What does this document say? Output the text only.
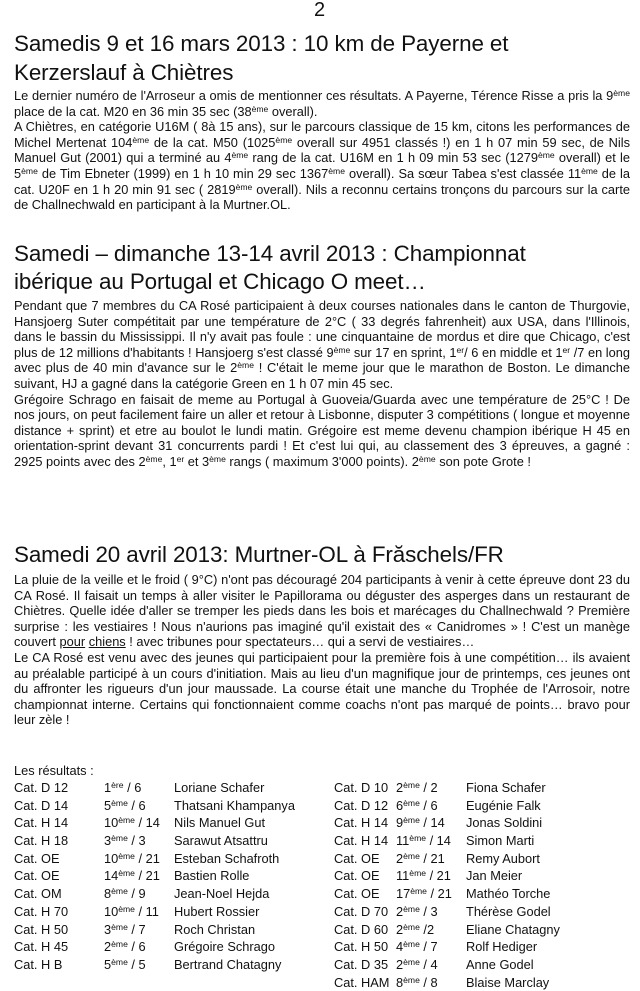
2
Samedis 9 et 16 mars 2013 : 10 km de Payerne et
Kerzerslauf à Chiètres

Le dernier numéro de l'Arroseur a omis de mentionner ces résultats. A Payerne, Térence Risse a pris la 9ème place de la cat. M20 en 36 min 35 sec (38ème overall).
A Chiètres, en catégorie U16M ( 8à 15 ans), sur le parcours classique de 15 km, citons les performances de Michel Mertenat 104ème de la cat. M50 (1025ème overall sur 4951 classés !) en 1 h 07 min 59 sec, de Nils Manuel Gut (2001) qui a terminé au 4ème rang de la cat. U16M en 1 h 09 min 53 sec (1279ème overall) et le 5ème de Tim Ebneter (1999) en 1 h 10 min 29 sec 1367ème overall). Sa sœur Tabea s'est classée 11ème de la cat. U20F en 1 h 20 min 91 sec ( 2819ème overall). Nils a reconnu certains tronçons du parcours sur la carte de Challnechwald en participant à la Murtner.OL.

Samedi – dimanche 13-14 avril 2013 : Championnat
ibérique au Portugal et Chicago O meet…

Pendant que 7 membres du CA Rosé participaient à deux courses nationales dans le canton de Thurgovie, Hansjoerg Suter compétitait par une température de 2°C ( 33 degrés fahrenheit) aux USA, dans l'Illinois, dans le bassin du Mississippi. Il n'y avait pas foule : une cinquantaine de mordus et dire que Chicago, c'est plus de 12 millions d'habitants ! Hansjoerg s'est classé 9ème sur 17 en sprint, 1er/ 6 en middle et 1er /7 en long avec plus de 40 min d'avance sur le 2ème ! C'était le meme jour que le marathon de Boston. Le dimanche suivant, HJ a gagné dans la catégorie Green en 1 h 07 min 45 sec.
Grégoire Schrago en faisait de meme au Portugal à Guoveia/Guarda avec une température de 25°C ! De nos jours, on peut facilement faire un aller et retour à Lisbonne, disputer 3 compétitions ( longue et moyenne distance + sprint) et etre au boulot le lundi matin. Grégoire est meme devenu champion ibérique H 45 en orientation-sprint devant 31 concurrents pardi ! Et c'est lui qui, au classement des 3 épreuves, a gagné : 2925 points avec des 2ème, 1er et 3ème rangs ( maximum 3'000 points). 2ème son pote Grote !

Samedi 20 avril 2013: Murtner-OL à Frăschels/FR

La pluie de la veille et le froid ( 9°C) n'ont pas découragé 204 participants à venir à cette épreuve dont 23 du CA Rosé. Il faisait un temps à aller visiter le Papillorama ou déguster des asperges dans un restaurant de Chiètres. Quelle idée d'aller se tremper les pieds dans les bois et marécages du Challnechwald ? Première surprise : les vestiaires ! Nous n'aurions pas imaginé qu'il existait des « Canidromes » ! C'est un manège couvert pour chiens ! avec tribunes pour spectateurs… qui a servi de vestiaires…
Le CA Rosé est venu avec des jeunes qui participaient pour la première fois à une compétition… ils avaient au préalable participé à un cours d'initiation. Mais au lieu d'un magnifique jour de printemps, ces jeunes ont du affronter les rigueurs d'un jour maussade. La course était une manche du Trophée de l'Arrosoir, notre championnat interne. Certains qui fonctionnaient comme coachs n'ont pas marqué de points… bravo pour leur zèle !

Les résultats :
Cat. D 12	1ère / 6	Loriane Schafer
Cat. D 14	5ème / 6 Thatsani Khampanya
Cat. H 14	10ème / 14 Nils Manuel Gut
Cat. H 18	3ème / 3 Sarawut Atsattru
Cat. OE	10ème / 21 Esteban Schafroth
Cat. OE	14ème / 21 Bastien Rolle
Cat. OM	8ème / 9 Jean-Noel Hejda
Cat. H 70	10ème / 11 Hubert Rossier
Cat. H 50	3ème / 7 Roch Christan
Cat. H 45	2ème / 6 Grégoire Schrago
Cat. H B	5ème / 5 Bertrand Chatagny
Cat. D 10 2ème / 2 Fiona Schafer
Cat. D 12 6ème / 6 Eugénie Falk
Cat. H 14 9ème / 14 Jonas Soldini
Cat. H 14 11ème / 14 Simon Marti
Cat. OE 2ème / 21 Remy Aubort
Cat. OE 11ème / 21 Jan Meier
Cat. OE 17ème / 21 Mathéo Torche
Cat. D 70 2ème / 3 Thérèse Godel
Cat. D 60 2ème /2 Eliane Chatagny
Cat. H 50 4ème / 7 Rolf Hediger
Cat. D 35 2ème / 4 Anne Godel
Cat. HAM 8ème / 8 Blaise Marclay
